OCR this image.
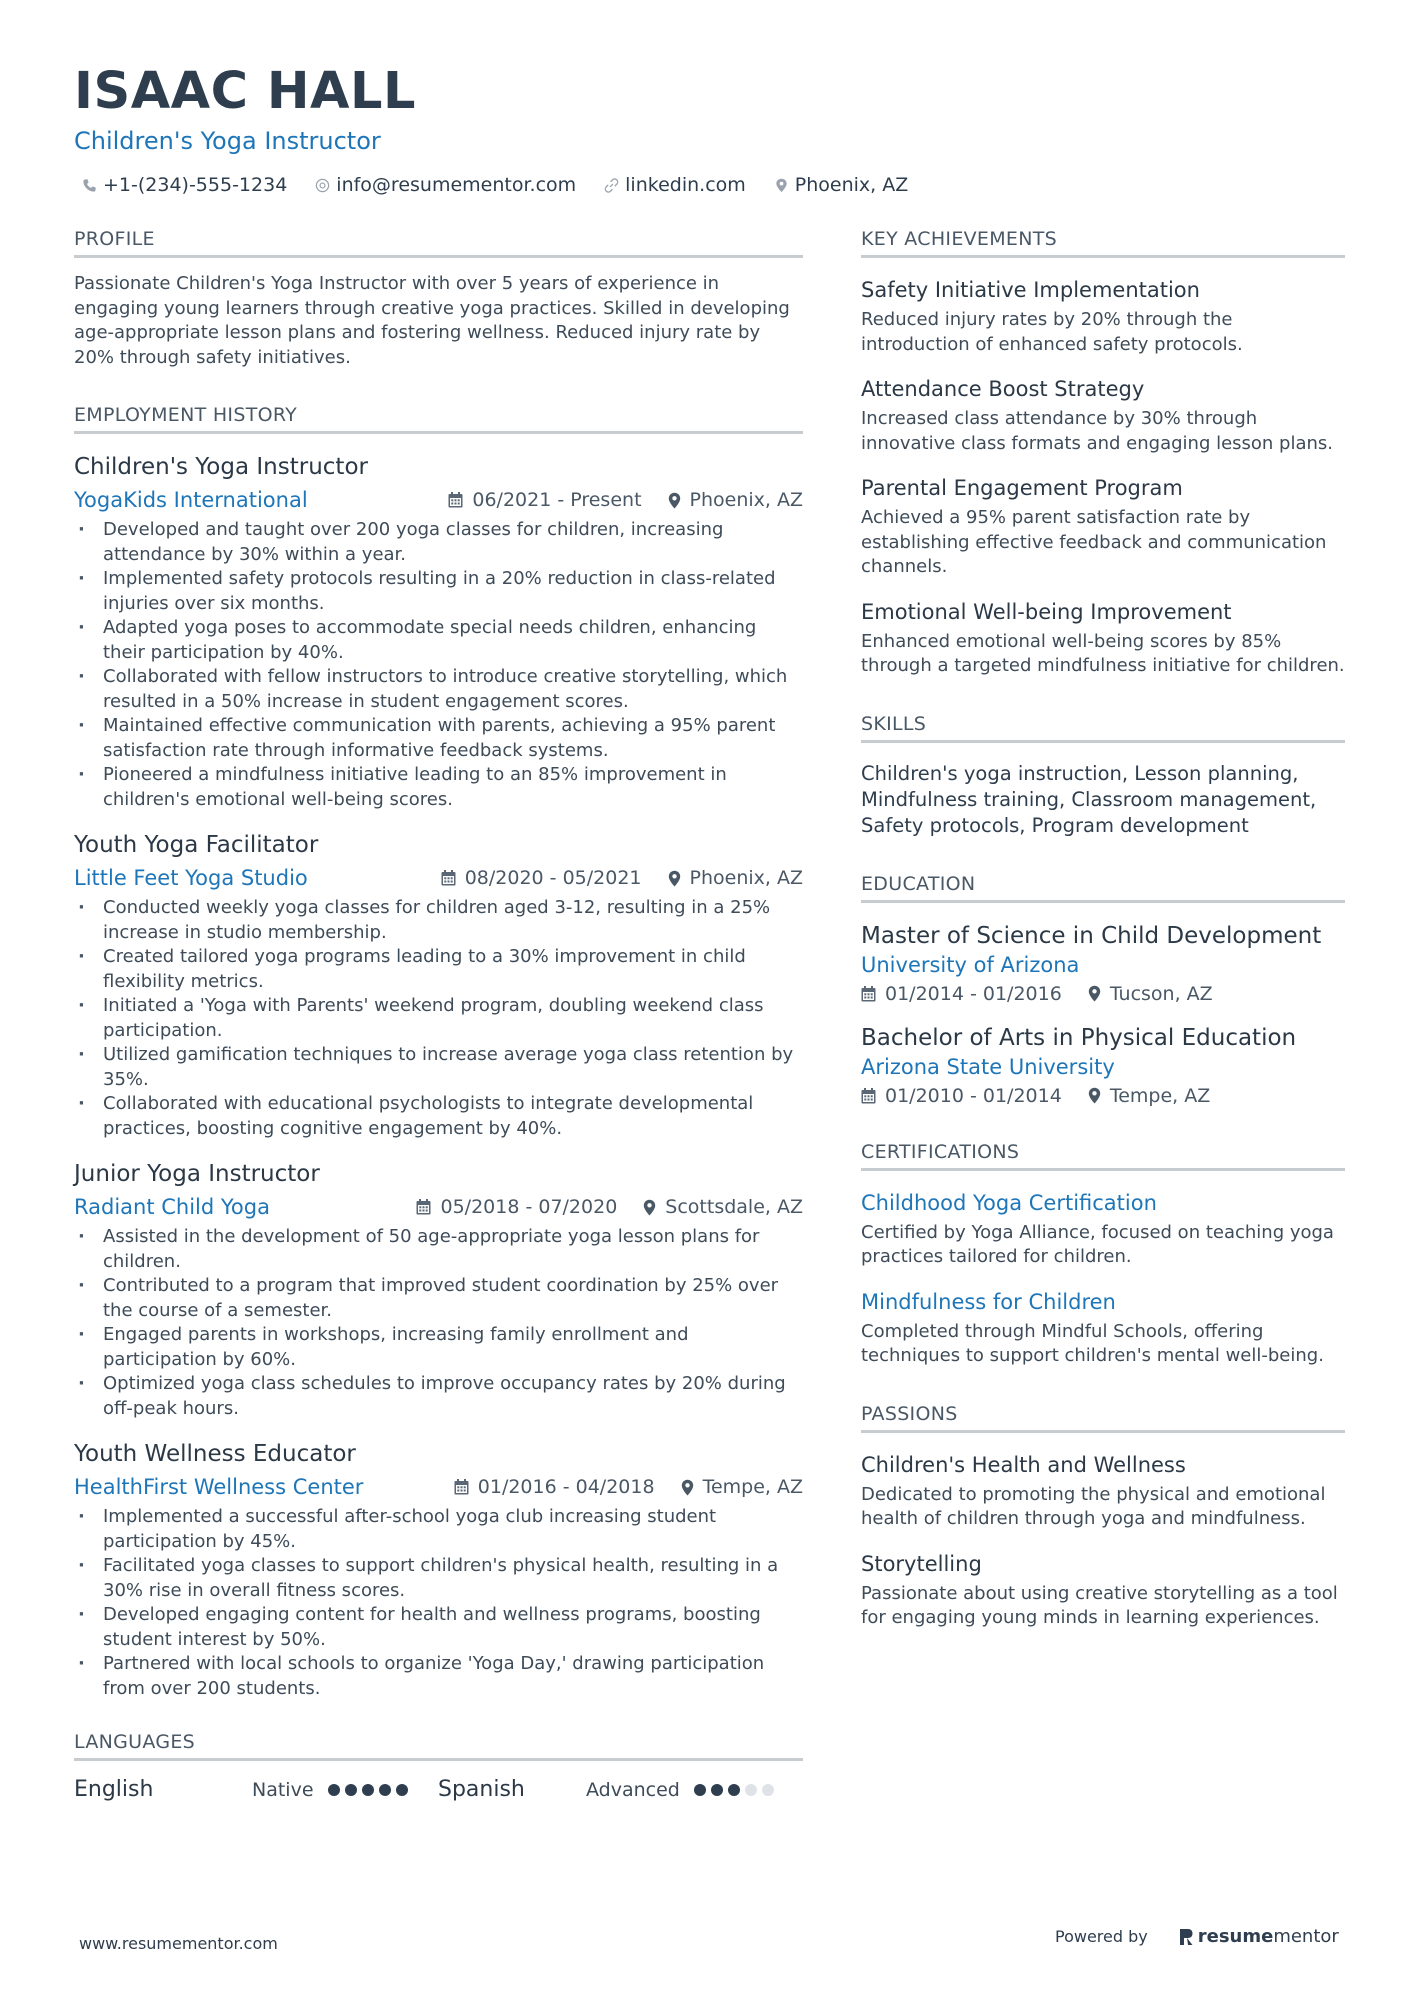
ISAAC HALL
Children's Yoga Instructor
+1-(234)-555-1234	info@resumementor.com	linkedin.com	Phoenix, AZ
PROFILE
Passionate Children's Yoga Instructor with over 5 years of experience in engaging young learners through creative yoga practices. Skilled in developing age-appropriate lesson plans and fostering wellness. Reduced injury rate by 20% through safety initiatives.
EMPLOYMENT HISTORY
Children's Yoga Instructor
YogaKids International	06/2021 - Present	Phoenix, AZ
· Developed and taught over 200 yoga classes for children, increasing attendance by 30% within a year.
· Implemented safety protocols resulting in a 20% reduction in class-related injuries over six months.
· Adapted yoga poses to accommodate special needs children, enhancing their participation by 40%.
· Collaborated with fellow instructors to introduce creative storytelling, which resulted in a 50% increase in student engagement scores.
· Maintained effective communication with parents, achieving a 95% parent satisfaction rate through informative feedback systems.
· Pioneered a mindfulness initiative leading to an 85% improvement in children's emotional well-being scores.
Youth Yoga Facilitator
Little Feet Yoga Studio	08/2020 - 05/2021	Phoenix, AZ
· Conducted weekly yoga classes for children aged 3-12, resulting in a 25% increase in studio membership.
· Created tailored yoga programs leading to a 30% improvement in child flexibility metrics.
· Initiated a 'Yoga with Parents' weekend program, doubling weekend class participation.
· Utilized gamification techniques to increase average yoga class retention by 35%.
· Collaborated with educational psychologists to integrate developmental practices, boosting cognitive engagement by 40%.
Junior Yoga Instructor
Radiant Child Yoga	05/2018 - 07/2020	Scottsdale, AZ
· Assisted in the development of 50 age-appropriate yoga lesson plans for children.
· Contributed to a program that improved student coordination by 25% over the course of a semester.
· Engaged parents in workshops, increasing family enrollment and participation by 60%.
· Optimized yoga class schedules to improve occupancy rates by 20% during off-peak hours.
Youth Wellness Educator
HealthFirst Wellness Center	01/2016 - 04/2018	Tempe, AZ
· Implemented a successful after-school yoga club increasing student participation by 45%.
· Facilitated yoga classes to support children's physical health, resulting in a 30% rise in overall fitness scores.
· Developed engaging content for health and wellness programs, boosting student interest by 50%.
· Partnered with local schools to organize 'Yoga Day,' drawing participation from over 200 students.
LANGUAGES
English	Native	Spanish	Advanced
KEY ACHIEVEMENTS
Safety Initiative Implementation
Reduced injury rates by 20% through the introduction of enhanced safety protocols.
Attendance Boost Strategy
Increased class attendance by 30% through innovative class formats and engaging lesson plans.
Parental Engagement Program
Achieved a 95% parent satisfaction rate by establishing effective feedback and communication channels.
Emotional Well-being Improvement
Enhanced emotional well-being scores by 85% through a targeted mindfulness initiative for children.
SKILLS
Children's yoga instruction, Lesson planning, Mindfulness training, Classroom management, Safety protocols, Program development
EDUCATION
Master of Science in Child Development
University of Arizona
01/2014 - 01/2016	Tucson, AZ
Bachelor of Arts in Physical Education
Arizona State University
01/2010 - 01/2014	Tempe, AZ
CERTIFICATIONS
Childhood Yoga Certification
Certified by Yoga Alliance, focused on teaching yoga practices tailored for children.
Mindfulness for Children
Completed through Mindful Schools, offering techniques to support children's mental well-being.
PASSIONS
Children's Health and Wellness
Dedicated to promoting the physical and emotional health of children through yoga and mindfulness.
Storytelling
Passionate about using creative storytelling as a tool for engaging young minds in learning experiences.
www.resumementor.com	Powered by	resume mentor
